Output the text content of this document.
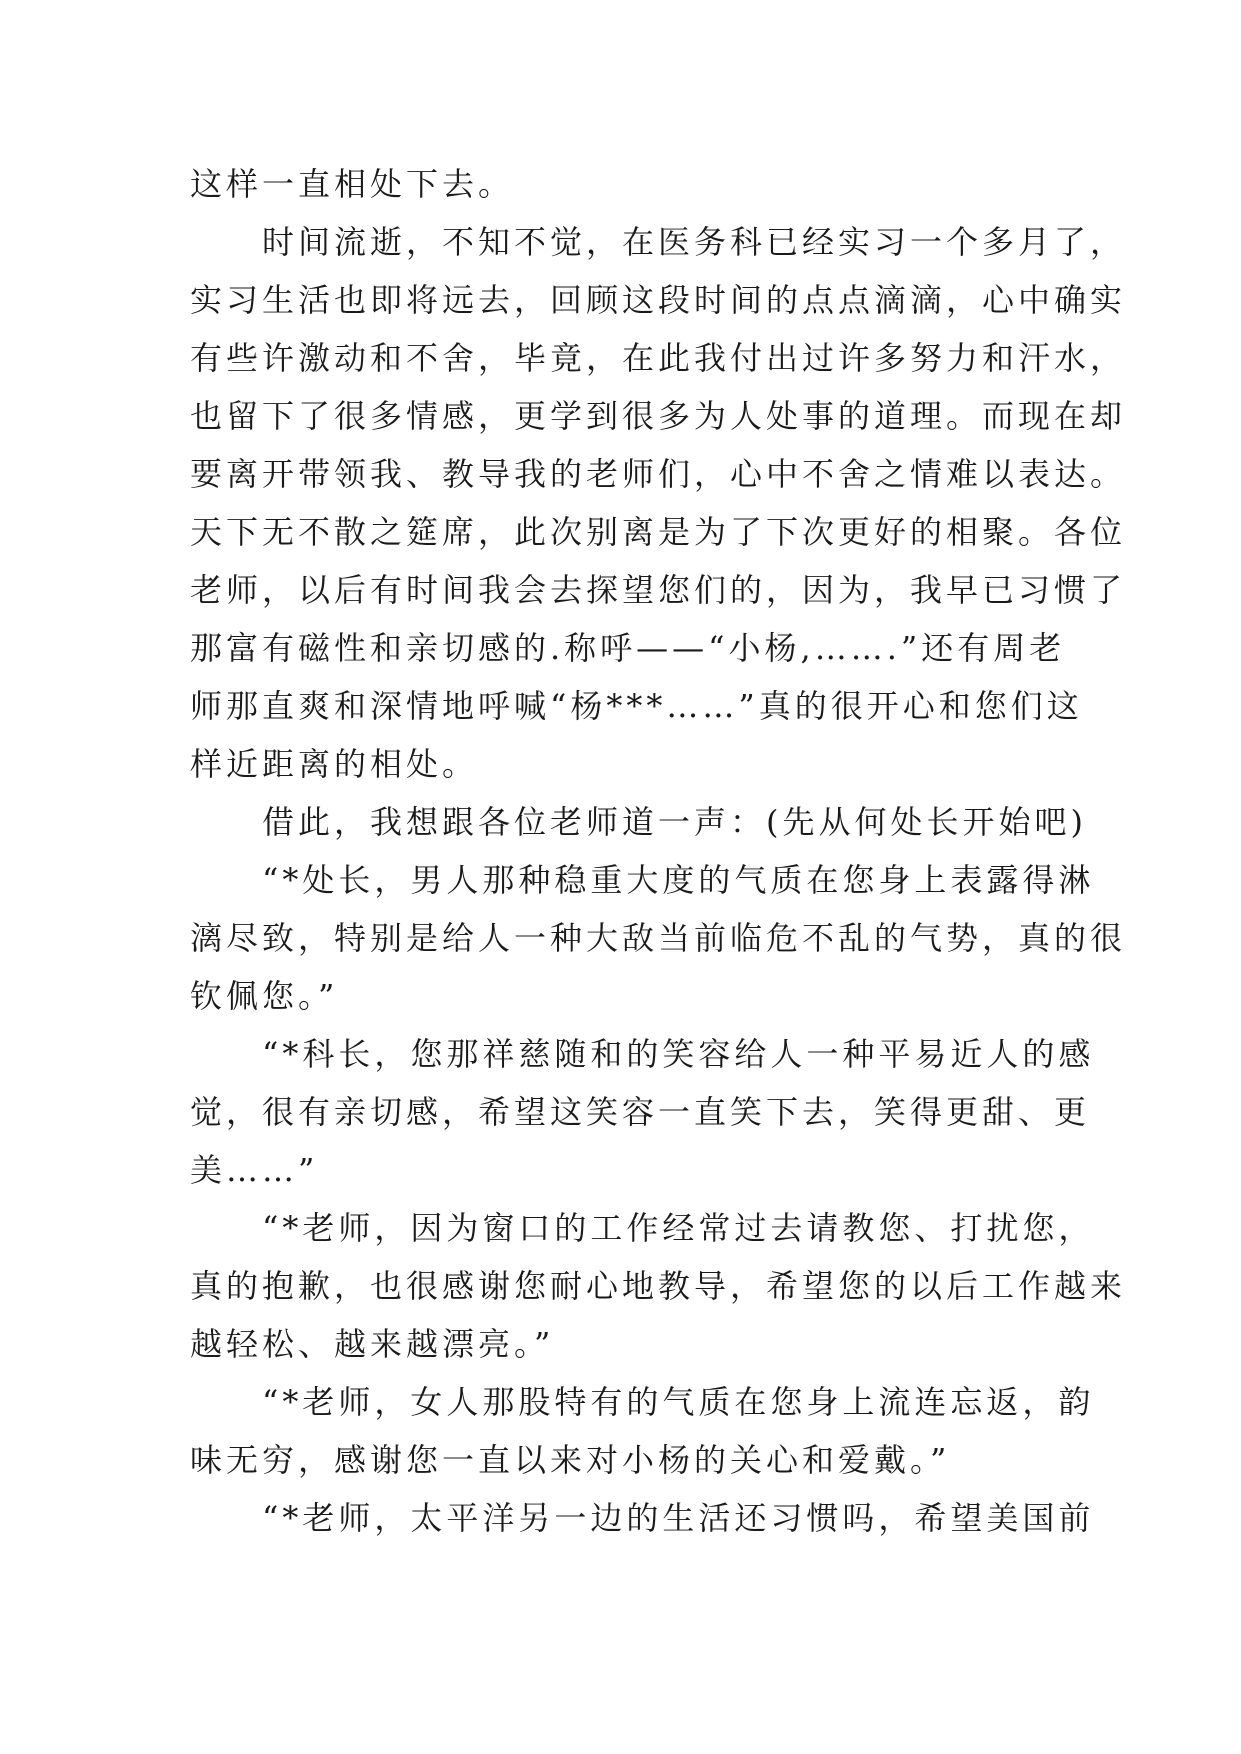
这样一直相处下去。
时间流逝，不知不觉，在医务科已经实习一个多月了，
实习生活也即将远去，回顾这段时间的点点滴滴，心中确实
有些许激动和不舍，毕竟，在此我付出过许多努力和汗水，
也留下了很多情感，更学到很多为人处事的道理。而现在却
要离开带领我、教导我的老师们，心中不舍之情难以表达。
天下无不散之筵席，此次别离是为了下次更好的相聚。各位
老师，以后有时间我会去探望您们的，因为，我早已习惯了
那富有磁性和亲切感的.称呼——“小杨,…….”还有周老
师那直爽和深情地呼喊“杨***……”真的很开心和您们这
样近距离的相处。
借此，我想跟各位老师道一声：(先从何处长开始吧)
“*处长，男人那种稳重大度的气质在您身上表露得淋
漓尽致，特别是给人一种大敌当前临危不乱的气势，真的很
钦佩您。”
“*科长，您那祥慈随和的笑容给人一种平易近人的感
觉，很有亲切感，希望这笑容一直笑下去，笑得更甜、更
美……”
“*老师，因为窗口的工作经常过去请教您、打扰您，
真的抱歉，也很感谢您耐心地教导，希望您的以后工作越来
越轻松、越来越漂亮。”
“*老师，女人那股特有的气质在您身上流连忘返，韵
味无穷，感谢您一直以来对小杨的关心和爱戴。”
“*老师，太平洋另一边的生活还习惯吗，希望美国前
